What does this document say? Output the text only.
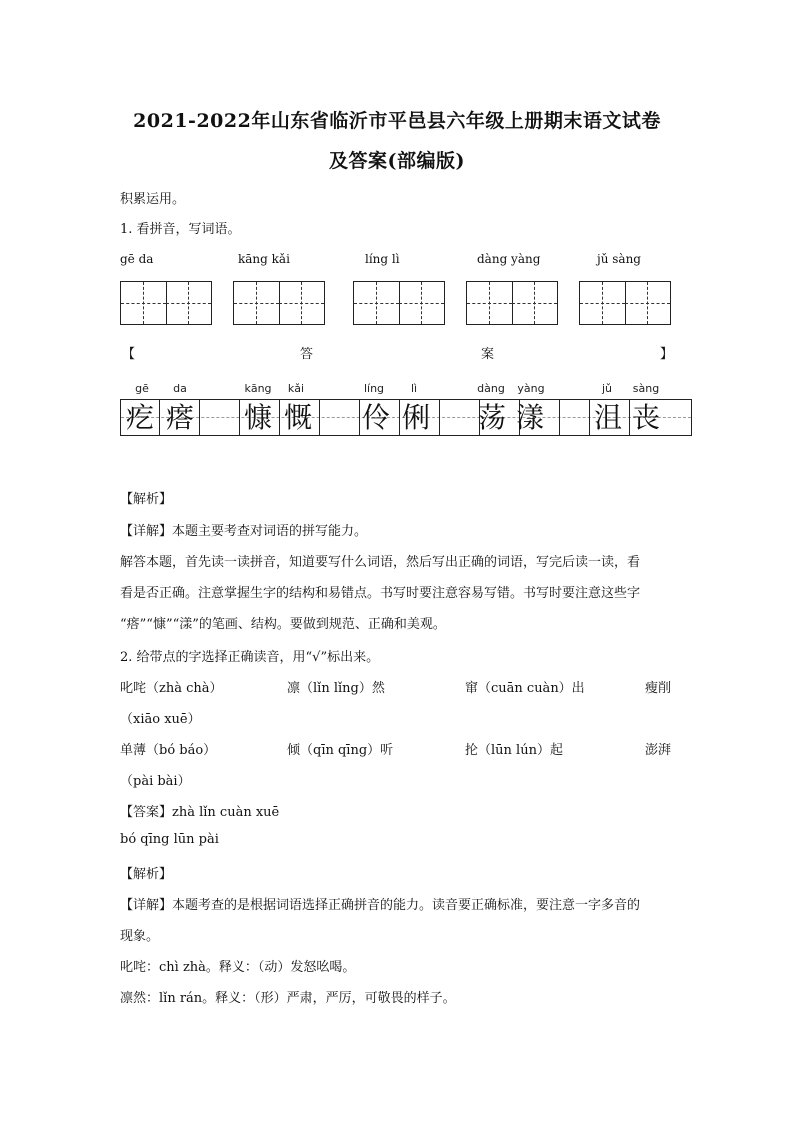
2021-2022年山东省临沂市平邑县六年级上册期末语文试卷
及答案(部编版)
积累运用。
1. 看拼音，写词语。
gē da	kāng kǎi	líng lì	dàng yàng	jǔ sàng
【	答	案	】
gē	da	kāng	kǎi	líng	lì	dàng	yàng	jǔ	sàng
疙 瘩 慷 慨 伶 俐 荡 漾 沮 丧
【解析】
【详解】本题主要考查对词语的拼写能力。
解答本题，首先读一读拼音，知道要写什么词语，然后写出正确的词语，写完后读一读，看
看是否正确。注意掌握生字的结构和易错点。书写时要注意容易写错。书写时要注意这些字
“瘩”“慷”“漾”的笔画、结构。要做到规范、正确和美观。
2. 给带点的字选择正确读音，用“√”标出来。
叱咤（zhà chà）	凛（lǐn lǐng）然	窜（cuān cuàn）出	瘦削
（xiāo xuē）
单薄（bó báo）	倾（qīn qīng）听	抡（lūn lún）起	澎湃
（pài bài）
【答案】zhà lǐn cuàn xuē
bó qīng lūn pài
【解析】
【详解】本题考查的是根据词语选择正确拼音的能力。读音要正确标准，要注意一字多音的
现象。
叱咤：chì zhà。释义：（动）发怒吆喝。
凛然：lǐn rán。释义：（形）严肃，严厉，可敬畏的样子。
